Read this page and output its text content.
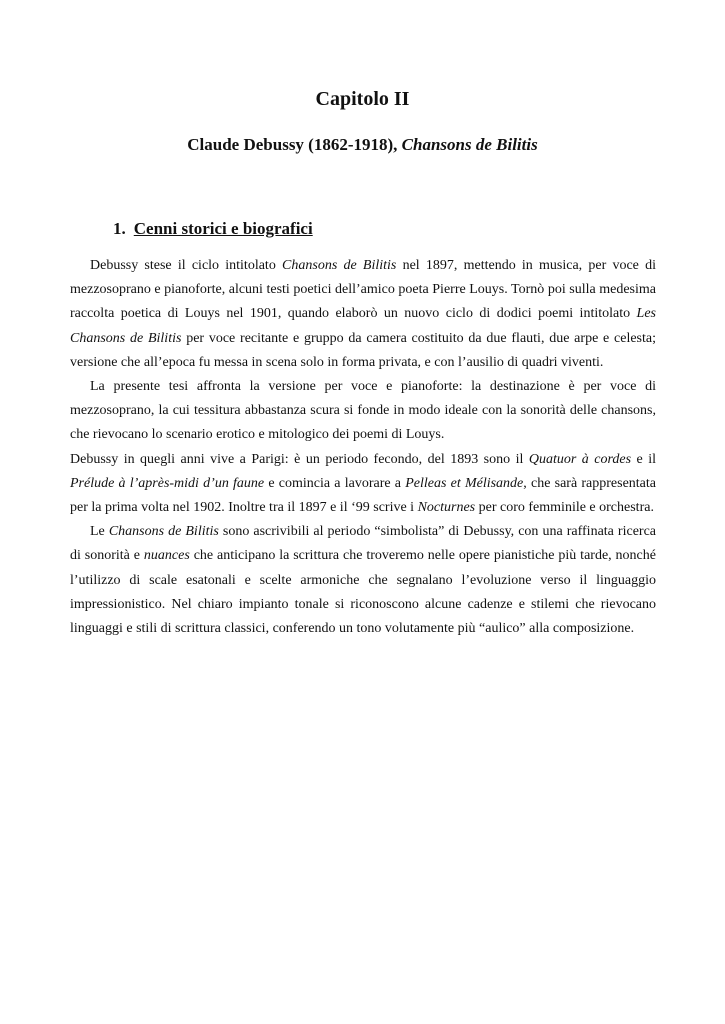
Capitolo II
Claude Debussy (1862-1918), Chansons de Bilitis
1. Cenni storici e biografici

Debussy stese il ciclo intitolato Chansons de Bilitis nel 1897, mettendo in musica, per voce di mezzosoprano e pianoforte, alcuni testi poetici dell’amico poeta Pierre Louys. Tornò poi sulla medesima raccolta poetica di Louys nel 1901, quando elaborò un nuovo ciclo di dodici poemi intitolato Les Chansons de Bilitis per voce recitante e gruppo da camera costituito da due flauti, due arpe e celesta; versione che all’epoca fu messa in scena solo in forma privata, e con l’ausilio di quadri viventi.

La presente tesi affronta la versione per voce e pianoforte: la destinazione è per voce di mezzosoprano, la cui tessitura abbastanza scura si fonde in modo ideale con la sonorità delle chansons, che rievocano lo scenario erotico e mitologico dei poemi di Louys.

Debussy in quegli anni vive a Parigi: è un periodo fecondo, del 1893 sono il Quatuor à cordes e il Prélude à l’après-midi d’un faune e comincia a lavorare a Pelleas et Mélisande, che sarà rappresentata per la prima volta nel 1902. Inoltre tra il 1897 e il ‘99 scrive i Nocturnes per coro femminile e orchestra.

Le Chansons de Bilitis sono ascrivibili al periodo “simbolista” di Debussy, con una raffinata ricerca di sonorità e nuances che anticipano la scrittura che troveremo nelle opere pianistiche più tarde, nonché l’utilizzo di scale esatonali e scelte armoniche che segnalano l’evoluzione verso il linguaggio impressionistico. Nel chiaro impianto tonale si riconoscono alcune cadenze e stilemi che rievocano linguaggi e stili di scrittura classici, conferendo un tono volutamente più “aulico” alla composizione.
